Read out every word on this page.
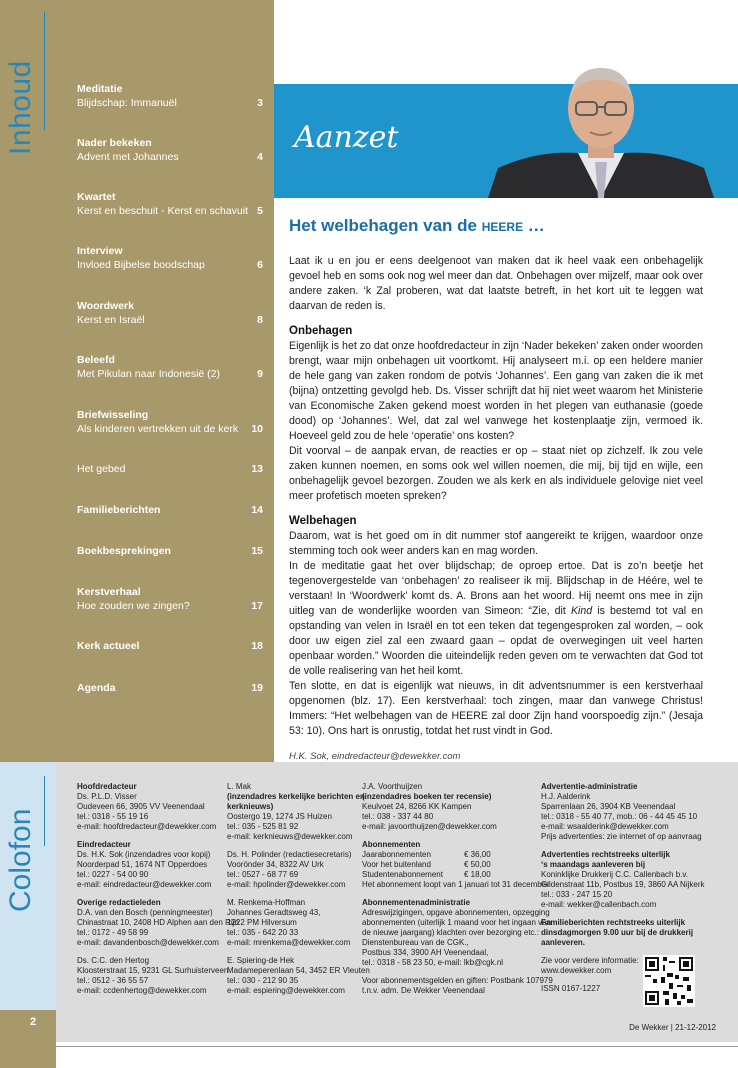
Inhoud	Meditatie
Blijdschap: Immanuël	3
Nader bekeken
Advent met Johannes	4
Kwartet
Kerst en beschuit - Kerst en schavuit 5
Interview
Invloed Bijbelse boodschap	6
Woordwerk
Kerst en Israël	8
Beleefd
Met Pikulan naar Indonesië (2)	9
Briefwisseling
Als kinderen vertrekken uit de kerk	10
Het gebed	13
Familieberichten	14
Boekbesprekingen	15
Kerstverhaal
Hoe zouden we zingen?	17
Kerk actueel	18
Agenda	19
Aanzet
Het welbehagen van de HEERE …

Laat ik u en jou er eens deelgenoot van maken dat ik heel vaak een onbehagelijk gevoel heb en soms ook nog wel meer dan dat. Onbehagen over mijzelf, maar ook over andere zaken. ‘k Zal proberen, wat dat laatste betreft, in het kort uit te leggen wat daarvan de reden is.

Onbehagen

Eigenlijk is het zo dat onze hoofdredacteur in zijn ‘Nader bekeken’ zaken onder woorden brengt, waar mijn onbehagen uit voortkomt. Hij analyseert m.i. op een heldere manier de hele gang van zaken rondom de potvis ‘Johannes’. Een gang van zaken die ik met (bijna) ontzetting gevolgd heb. Ds. Visser schrijft dat hij niet weet waarom het Ministerie van Economische Zaken gekend moest worden in het plegen van euthanasie (goede dood) op ‘Johannes’. Wel, dat zal wel vanwege het kostenplaatje zijn, vermoed ik. Hoeveel geld zou de hele ‘operatie’ ons kosten?

Dit voorval – de aanpak ervan, de reacties er op – staat niet op zichzelf. Ik zou vele zaken kunnen noemen, en soms ook wel willen noemen, die mij, bij tijd en wijle, een onbehagelijk gevoel bezorgen. Zouden we als kerk en als individuele gelovige niet veel meer profetisch moeten spreken?

Welbehagen

Daarom, wat is het goed om in dit nummer stof aangereikt te krijgen, waardoor onze stemming toch ook weer anders kan en mag worden.

In de meditatie gaat het over blijdschap; de oproep ertoe. Dat is zo’n beetje het tegenovergestelde van ‘onbehagen’ zo realiseer ik mij. Blijdschap in de Héére, wel te verstaan! In ‘Woordwerk’ komt ds. A. Brons aan het woord. Hij neemt ons mee in zijn uitleg van de wonderlijke woorden van Simeon: “Zie, dit Kind is bestemd tot val en opstanding van velen in Israël en tot een teken dat tegengesproken zal worden, – ook door uw eigen ziel zal een zwaard gaan – opdat de overwegingen uit veel harten openbaar worden.” Woorden die uiteindelijk reden geven om te verwachten dat God tot de volle realisering van het heil komt.

Ten slotte, en dat is eigenlijk wat nieuws, in dit adventsnummer is een kerstverhaal opgenomen (blz. 17). Een kerstverhaal: toch zingen, maar dan vanwege Christus! Immers: “Het welbehagen van de HEERE zal door Zijn hand voorspoedig zijn.” (Jesaja 53: 10). Ons hart is onrustig, totdat het rust vindt in God.

H.K. Sok, eindredacteur@dewekker.com

Colofon
Hoofdredacteur
Ds. P.L.D. Visser
Oudeveen 66, 3905 VV Veenendaal
tel.: 0318 - 55 19 16
e-mail: hoofdredacteur@dewekker.com
Eindredacteur
Ds. H.K. Sok (inzendadres voor kopij)
Noorderpad 51, 1674 NT Opperdoes
tel.: 0227 - 54 00 90
e-mail: eindredacteur@dewekker.com
Overige redactieleden
D.A. van den Bosch (penningmeester)
Chinastraat 10, 2408 HD Alphen aan den Rijn
tel.: 0172 - 49 58 99
e-mail: davandenbosch@dewekker.com
Ds. C.C. den Hertog
Kloosterstraat 15, 9231 GL Surhuisterveen
tel.: 0512 - 36 55 57
e-mail: ccdenhertog@dewekker.com
L. Mak
(inzendadres kerkelijke berichten en
kerknieuws)
Oostergo 19, 1274 JS Huizen
tel.: 035 - 525 81 92
e-mail: kerknieuws@dewekker.com
Ds. H. Polinder (redactiesecretaris)
Voorönder 34, 8322 AV Urk
tel.: 0527 - 68 77 69
e-mail: hpolinder@dewekker.com
M. Renkema-Hoffman
Johannes Geradtsweg 43,
1222 PM Hilversum
tel.: 035 - 642 20 33
e-mail: mrenkema@dewekker.com
E. Spiering-de Hek
Madameperenlaan 54, 3452 ER Vleuten
tel.: 030 - 212 90 35
e-mail: espiering@dewekker.com
J.A. Voorthuijzen
(inzendadres boeken ter recensie)
Keulvoet 24, 8266 KK Kampen
tel.: 038 - 337 44 80
e-mail: javoorthuijzen@dewekker.com
Abonnementen
Jaarabonnementen	€ 36,00
Voor het buitenland	€ 50,00
Studentenabonnement	€ 18,00
Het abonnement loopt van 1 januari tot 31 december
Abonnementenadministratie
Adreswijzigingen, opgave abonnementen, opzegging
abonnementen (uiterlijk 1 maand voor het ingaan van
de nieuwe jaargang) klachten over bezorging etc.:
Dienstenbureau van de CGK.,
Postbus 334, 3900 AH Veenendaal,
tel.: 0318 - 58 23 50, e-mail: lkb@cgk.nl
Voor abonnementsgelden en giften: Postbank 107979
t.n.v. adm. De Wekker Veenendaal
Advertentie-administratie
H.J. Aalderink
Sparrenlaan 26, 3904 KB Veenendaal
tel.: 0318 - 55 40 77, mob.: 06 - 44 45 45 10
e-mail: wsaalderink@dewekker.com
Prijs advertenties: zie internet of op aanvraag
Advertenties rechtstreeks uiterlijk
‘s maandags aanleveren bij
Koninklijke Drukkerij C.C. Callenbach b.v.
Gildenstraat 11b, Postbus 19, 3860 AA Nijkerk
tel.: 033 - 247 15 20
e-mail: wekker@callenbach.com
Familieberichten rechtstreeks uiterlijk
dinsdagmorgen 9.00 uur bij de drukkerij
aanleveren.
Zie voor verdere informatie:
www.dewekker.com
ISSN 0167-1227
2	De Wekker | 21-12-2012
